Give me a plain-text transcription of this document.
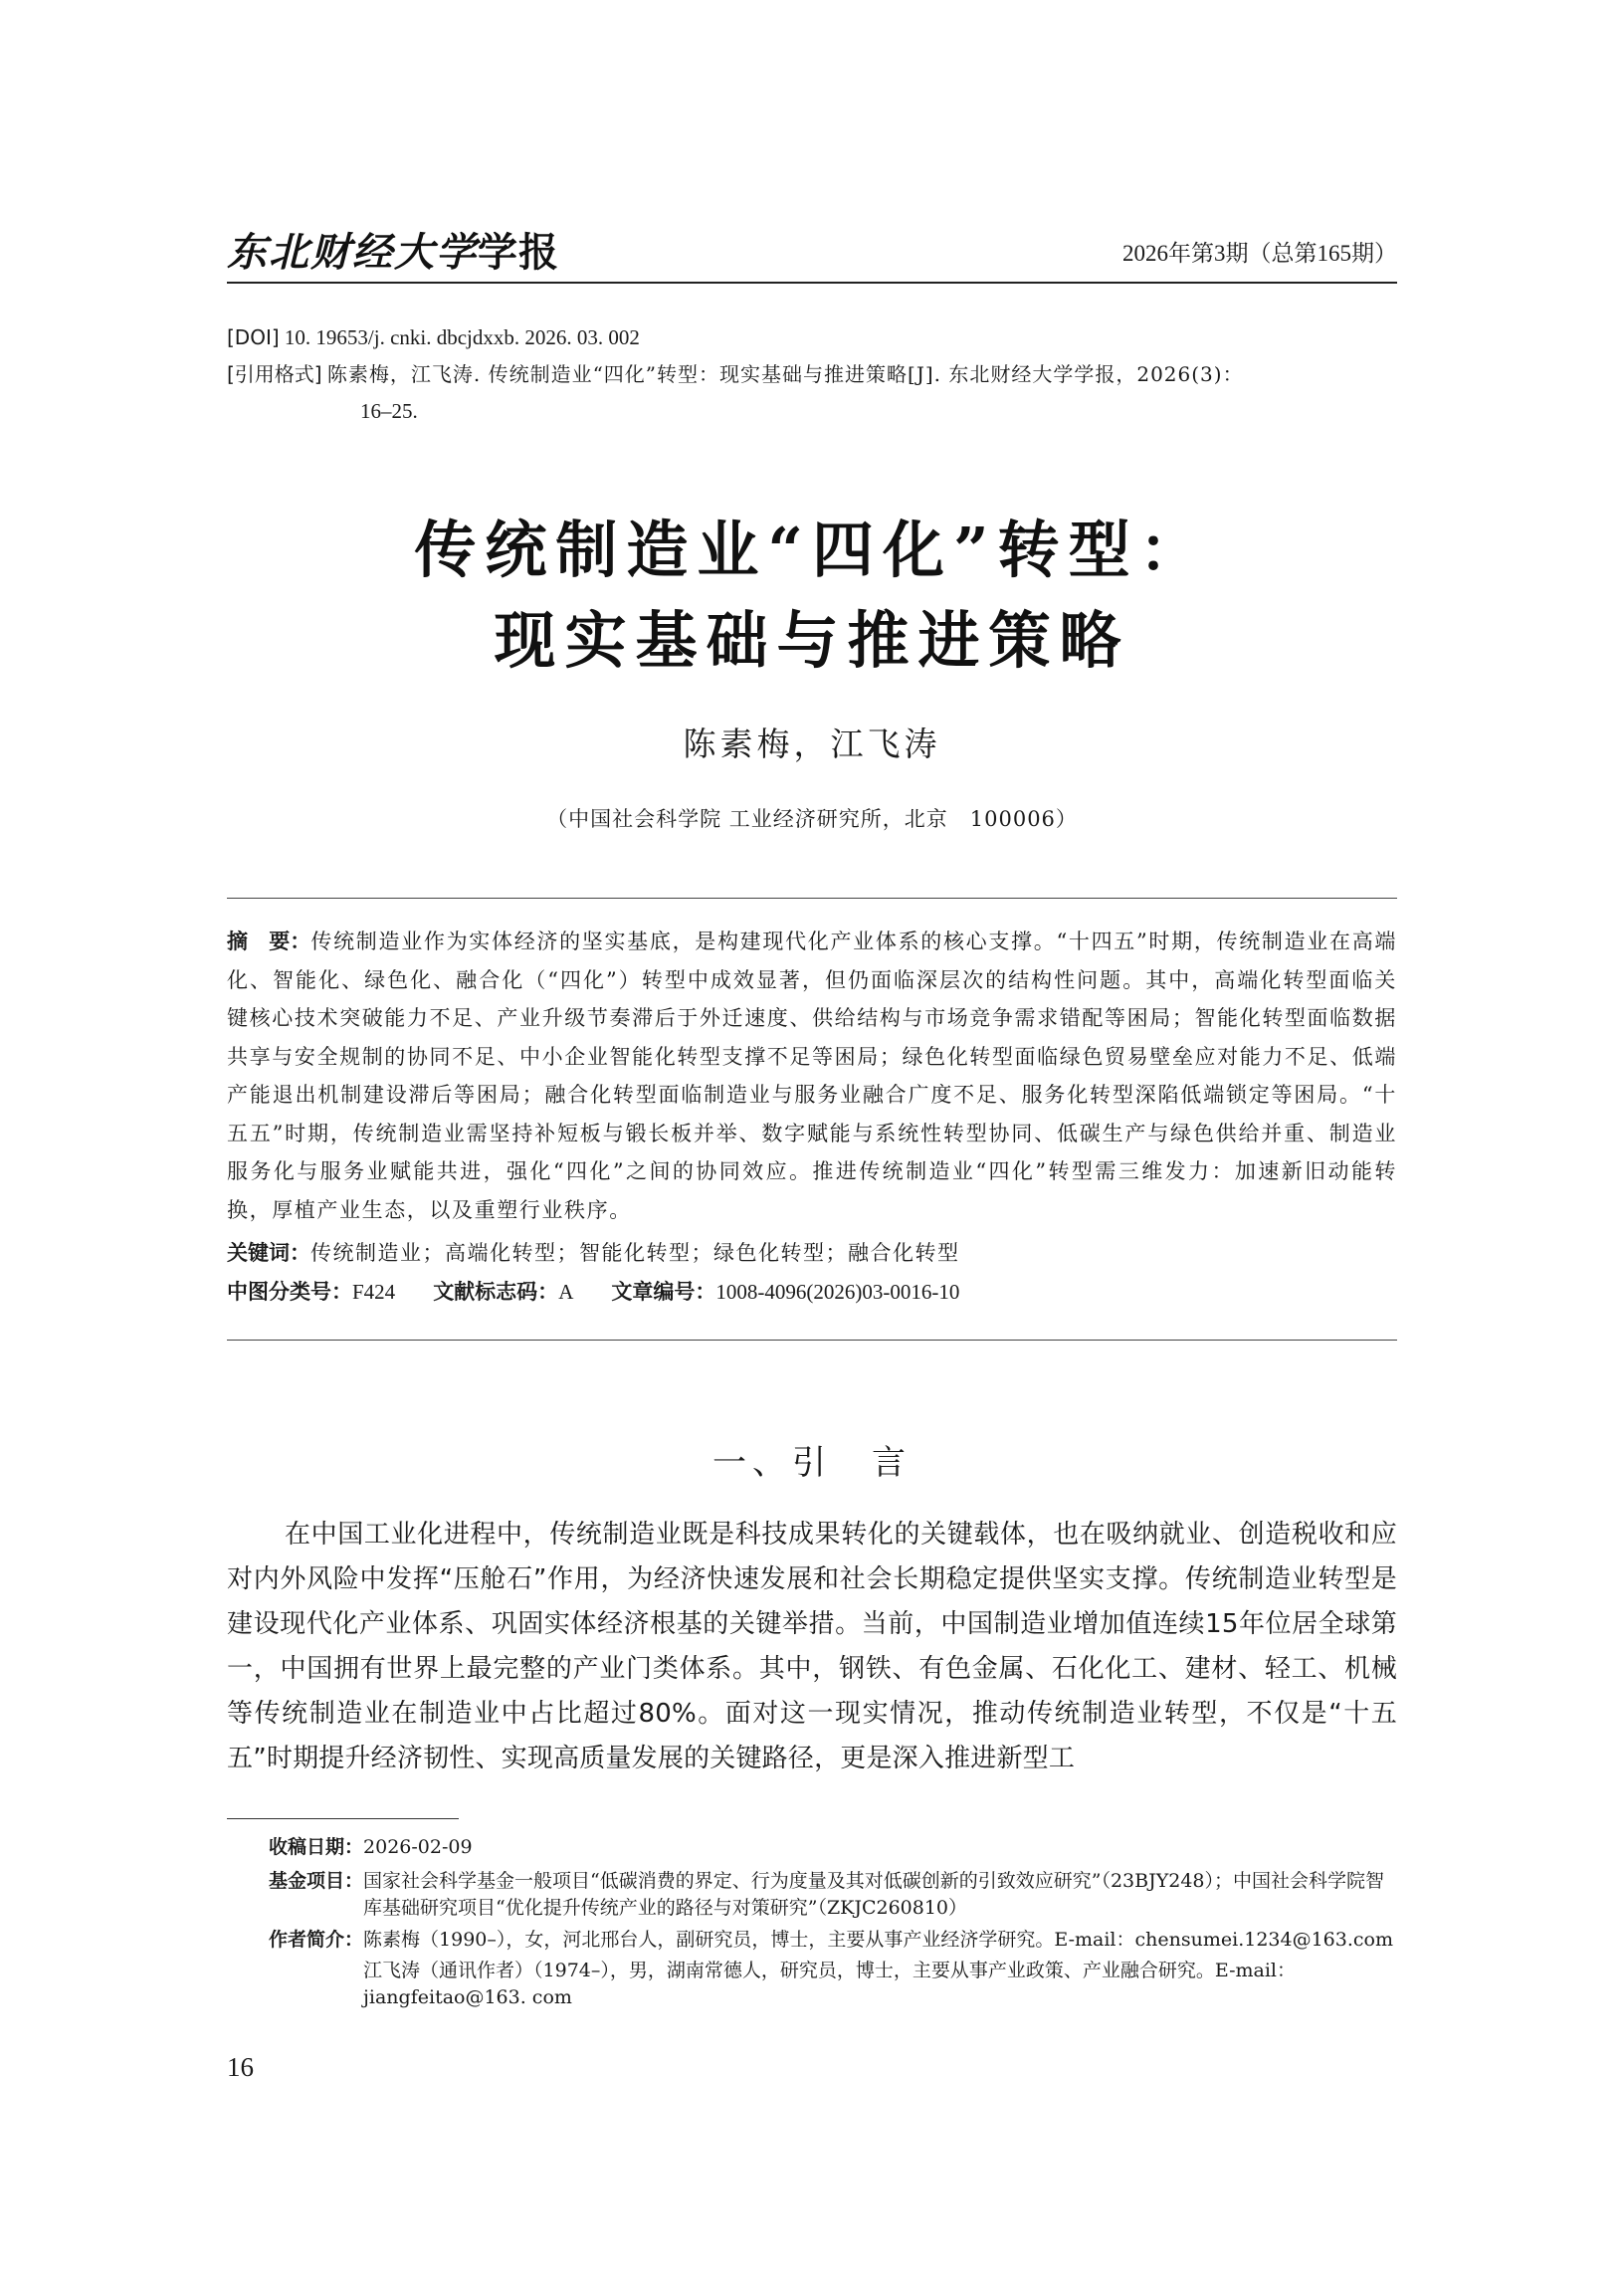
东北财经大学学报	2026年第3期（总第165期）
[DOI] 10. 19653/j. cnki. dbcjdxxb. 2026. 03. 002
[引用格式] 陈素梅，江飞涛. 传统制造业“四化”转型：现实基础与推进策略[J]. 东北财经大学学报，2026(3)：
16–25.
传统制造业“四化”转型：
现实基础与推进策略
陈素梅，江飞涛
（中国社会科学院 工业经济研究所，北京　100006）
摘　要：传统制造业作为实体经济的坚实基底，是构建现代化产业体系的核心支撑。“十四五”时期，传统制造业在高端化、智能化、绿色化、融合化（“四化”）转型中成效显著，但仍面临深层次的结构性问题。其中，高端化转型面临关键核心技术突破能力不足、产业升级节奏滞后于外迁速度、供给结构与市场竞争需求错配等困局；智能化转型面临数据共享与安全规制的协同不足、中小企业智能化转型支撑不足等困局；绿色化转型面临绿色贸易壁垒应对能力不足、低端产能退出机制建设滞后等困局；融合化转型面临制造业与服务业融合广度不足、服务化转型深陷低端锁定等困局。“十五五”时期，传统制造业需坚持补短板与锻长板并举、数字赋能与系统性转型协同、低碳生产与绿色供给并重、制造业服务化与服务业赋能共进，强化“四化”之间的协同效应。推进传统制造业“四化”转型需三维发力：加速新旧动能转换，厚植产业生态，以及重塑行业秩序。
关键词：传统制造业；高端化转型；智能化转型；绿色化转型；融合化转型
中图分类号：F424 文献标志码：A 文章编号：1008-4096(2026)03-0016-10
一、引　言
在中国工业化进程中，传统制造业既是科技成果转化的关键载体，也在吸纳就业、创造税收和应对内外风险中发挥“压舱石”作用，为经济快速发展和社会长期稳定提供坚实支撑。传统制造业转型是建设现代化产业体系、巩固实体经济根基的关键举措。当前，中国制造业增加值连续15年位居全球第一，中国拥有世界上最完整的产业门类体系。其中，钢铁、有色金属、石化化工、建材、轻工、机械等传统制造业在制造业中占比超过80%。面对这一现实情况，推动传统制造业转型，不仅是“十五五”时期提升经济韧性、实现高质量发展的关键路径，更是深入推进新型工
收稿日期： 2026-02-09
基金项目： 国家社会科学基金一般项目“低碳消费的界定、行为度量及其对低碳创新的引致效应研究”（23BJY248）；中国社会科学院智库基础研究项目“优化提升传统产业的路径与对策研究”（ZKJC260810）
作者简介： 陈素梅（1990–），女，河北邢台人，副研究员，博士，主要从事产业经济学研究。E-mail：chensumei.1234@163.com
江飞涛（通讯作者）（1974–），男，湖南常德人，研究员，博士，主要从事产业政策、产业融合研究。E-mail：jiangfeitao@163. com
16
